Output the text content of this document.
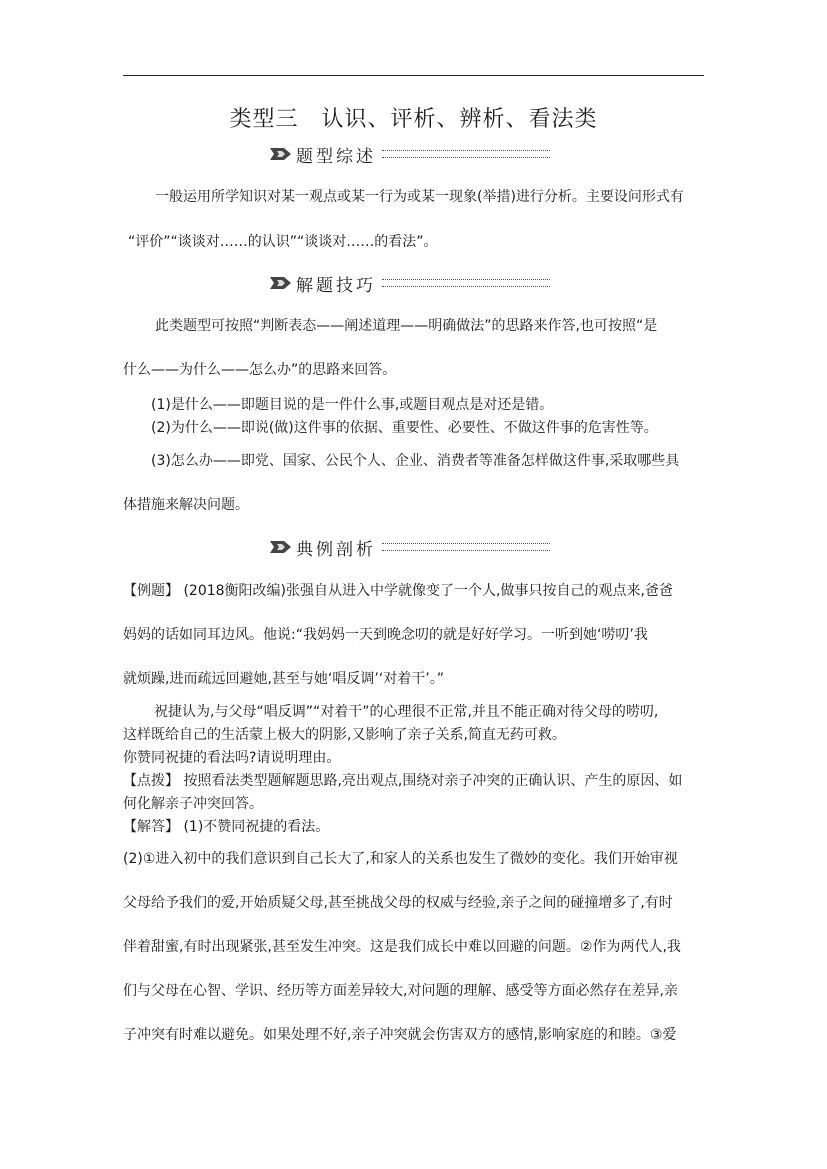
类型三　认识、评析、辨析、看法类
题型综述
一般运用所学知识对某一观点或某一行为或某一现象(举措)进行分析。主要设问形式有
“评价”“谈谈对……的认识”“谈谈对……的看法”。
解题技巧
此类题型可按照“判断表态——阐述道理——明确做法”的思路来作答,也可按照“是
什么——为什么——怎么办”的思路来回答。
(1)是什么——即题目说的是一件什么事,或题目观点是对还是错。
(2)为什么——即说(做)这件事的依据、重要性、必要性、不做这件事的危害性等。
(3)怎么办——即党、国家、公民个人、企业、消费者等准备怎样做这件事,采取哪些具
体措施来解决问题。
典例剖析
【例题】 (2018衡阳改编)张强自从进入中学就像变了一个人,做事只按自己的观点来,爸爸
妈妈的话如同耳边风。他说:“我妈妈一天到晚念叨的就是好好学习。一听到她‘唠叨’我
就烦躁,进而疏远回避她,甚至与她‘唱反调’‘对着干’。”
祝捷认为,与父母“唱反调”“对着干”的心理很不正常,并且不能正确对待父母的唠叨,
这样既给自己的生活蒙上极大的阴影,又影响了亲子关系,简直无药可救。
你赞同祝捷的看法吗?请说明理由。
【点拨】 按照看法类型题解题思路,亮出观点,围绕对亲子冲突的正确认识、产生的原因、如
何化解亲子冲突回答。
【解答】 (1)不赞同祝捷的看法。
(2)①进入初中的我们意识到自己长大了,和家人的关系也发生了微妙的变化。我们开始审视
父母给予我们的爱,开始质疑父母,甚至挑战父母的权威与经验,亲子之间的碰撞增多了,有时
伴着甜蜜,有时出现紧张,甚至发生冲突。这是我们成长中难以回避的问题。②作为两代人,我
们与父母在心智、学识、经历等方面差异较大,对问题的理解、感受等方面必然存在差异,亲
子冲突有时难以避免。如果处理不好,亲子冲突就会伤害双方的感情,影响家庭的和睦。③爱
